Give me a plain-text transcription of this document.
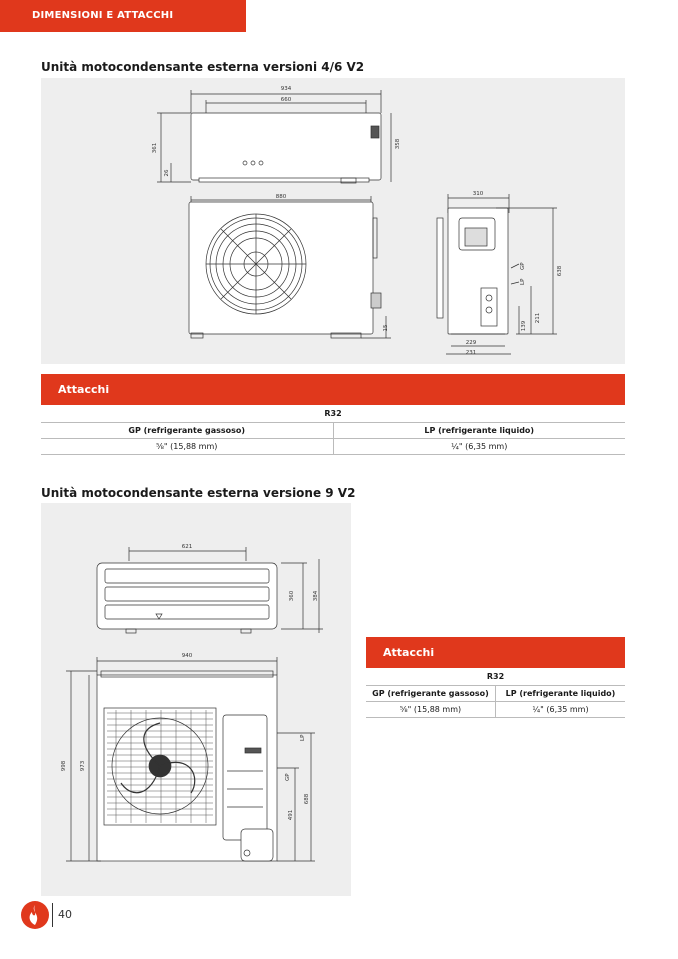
DIMENSIONI E ATTACCHI
Unità motocondensante esterna versioni 4/6 V2
934
660
361
26
358
880
15
310
638
211
139
229
231
GP
LP
Attacchi
R32	
GP (refrigerante gassoso)	LP (refrigerante liquido)
⅝" (15,88 mm)	¼" (6,35 mm)
Unità motocondensante esterna versione 9 V2
621
360	384
940
998 973
688
491
LP
GP
Attacchi
R32	
GP (refrigerante gassoso)	LP (refrigerante liquido)
⅝" (15,88 mm)	¼" (6,35 mm)
40
